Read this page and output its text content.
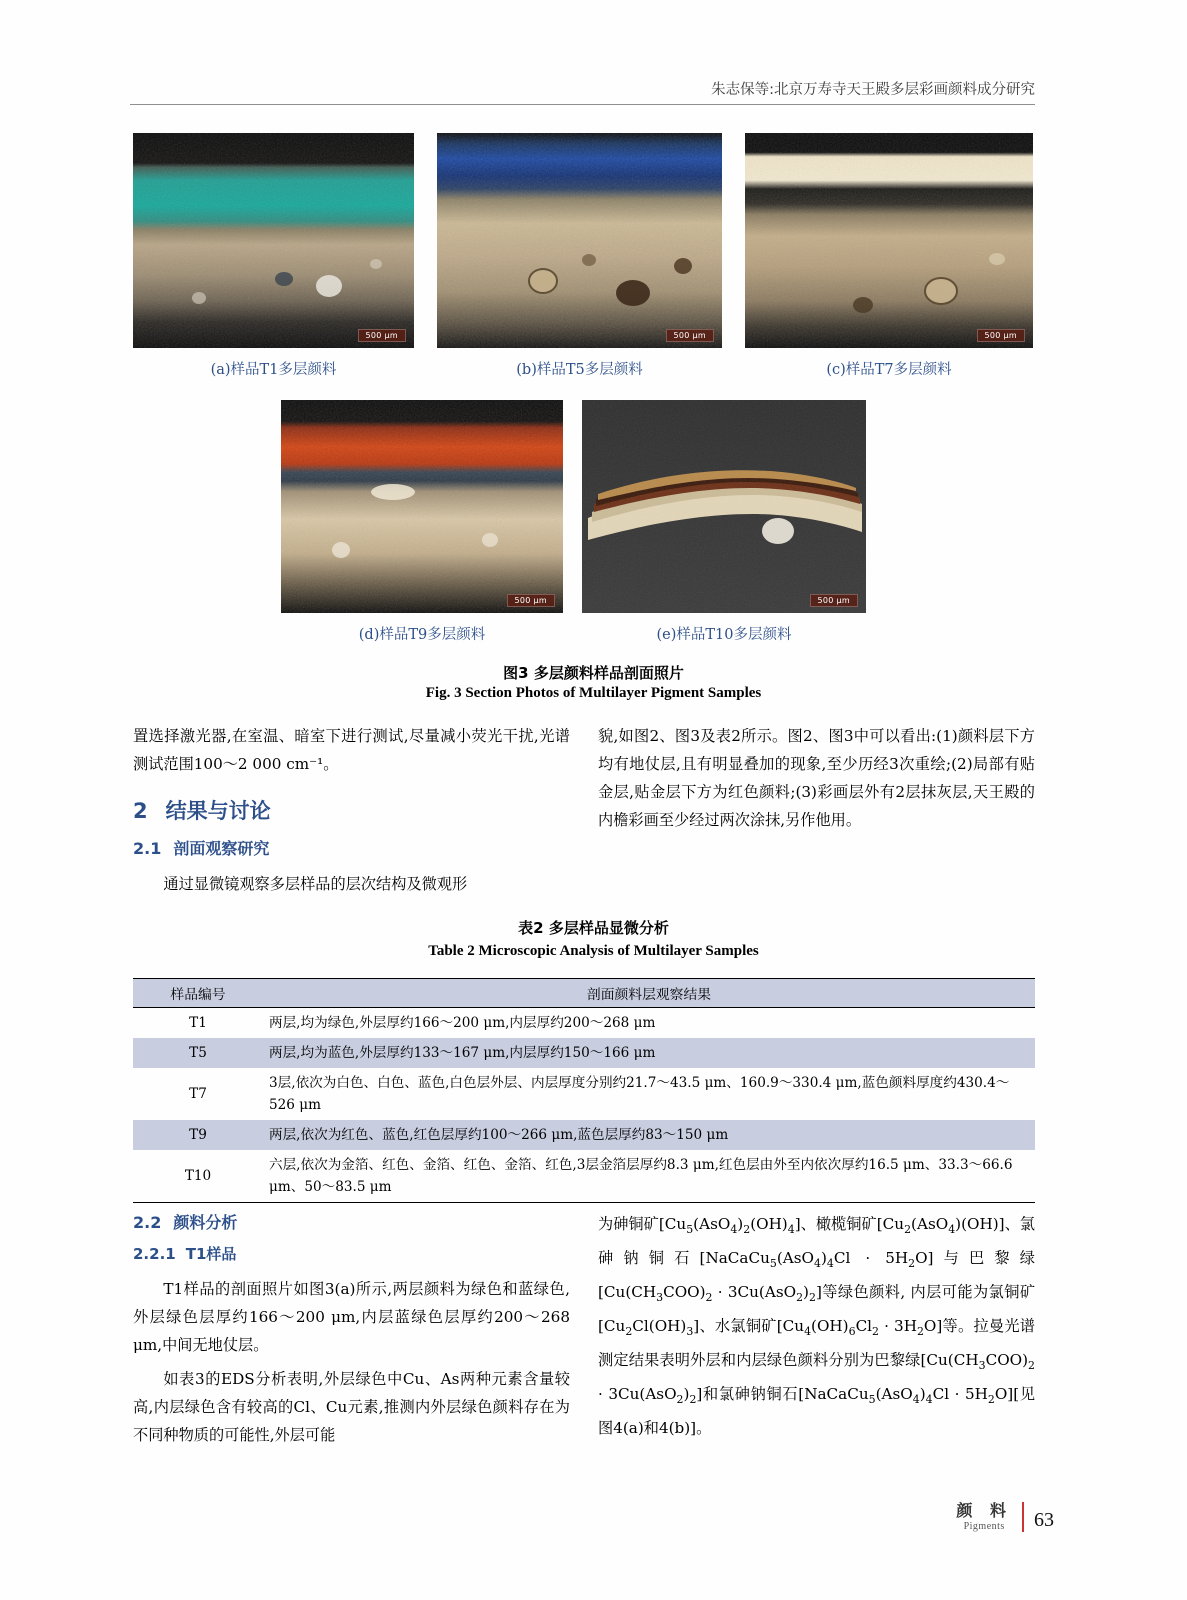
朱志保等:北京万寿寺天王殿多层彩画颜料成分研究
500 μm	500 μm	500 μm
(a)样品T1多层颜料	(b)样品T5多层颜料	(c)样品T7多层颜料
500 μm	500 μm
(d)样品T9多层颜料	(e)样品T10多层颜料
图3 多层颜料样品剖面照片
Fig. 3 Section Photos of Multilayer Pigment Samples

置选择激光器,在室温、暗室下进行测试,尽量减小荧光干扰,光谱测试范围100～2 000 cm⁻¹。

2 结果与讨论
2.1 剖面观察研究

通过显微镜观察多层样品的层次结构及微观形

貌,如图2、图3及表2所示。图2、图3中可以看出:(1)颜料层下方均有地仗层,且有明显叠加的现象,至少历经3次重绘;(2)局部有贴金层,贴金层下方为红色颜料;(3)彩画层外有2层抹灰层,天王殿的内檐彩画至少经过两次涂抹,另作他用。

表2 多层样品显微分析
Table 2 Microscopic Analysis of Multilayer Samples
样品编号	剖面颜料层观察结果
T1	两层,均为绿色,外层厚约166～200 μm,内层厚约200～268 μm
T5	两层,均为蓝色,外层厚约133～167 μm,内层厚约150～166 μm
T7	3层,依次为白色、白色、蓝色,白色层外层、内层厚度分别约21.7～43.5 μm、160.9～330.4 μm,蓝色颜料厚度约430.4～526 μm
T9	两层,依次为红色、蓝色,红色层厚约100～266 μm,蓝色层厚约83～150 μm
T10	六层,依次为金箔、红色、金箔、红色、金箔、红色,3层金箔层厚约8.3 μm,红色层由外至内依次厚约16.5 μm、33.3～66.6 μm、50～83.5 μm
2.2 颜料分析
2.2.1 T1样品

T1样品的剖面照片如图3(a)所示,两层颜料为绿色和蓝绿色,外层绿色层厚约166～200 μm,内层蓝绿色层厚约200～268 μm,中间无地仗层。

如表3的EDS分析表明,外层绿色中Cu、As两种元素含量较高,内层绿色含有较高的Cl、Cu元素,推测内外层绿色颜料存在为不同种物质的可能性,外层可能

为砷铜矿$[Cu_5(AsO_4)_2(OH)_4]$、橄榄铜矿$[Cu_2(AsO_4)(OH)]$、氯砷钠铜石$[NaCaCu_5(AsO_4)_4Cl \cdot 5H_2O]$与巴黎绿$[Cu(CH_3COO)_2 \cdot 3Cu(AsO_2)_2]$等绿色颜料, 内层可能为氯铜矿$[Cu_2Cl(OH)_3]$、水氯铜矿$[Cu_4(OH)_6Cl_2 \cdot 3H_2O]$等。拉曼光谱测定结果表明外层和内层绿色颜料分别为巴黎绿$[Cu(CH_3COO)_2 \cdot 3Cu(AsO_2)_2]$和氯砷钠铜石$[NaCaCu_5(AsO_4)_4Cl \cdot 5H_2O]$[见图4(a)和4(b)]。

颜 料
Pigments	63
